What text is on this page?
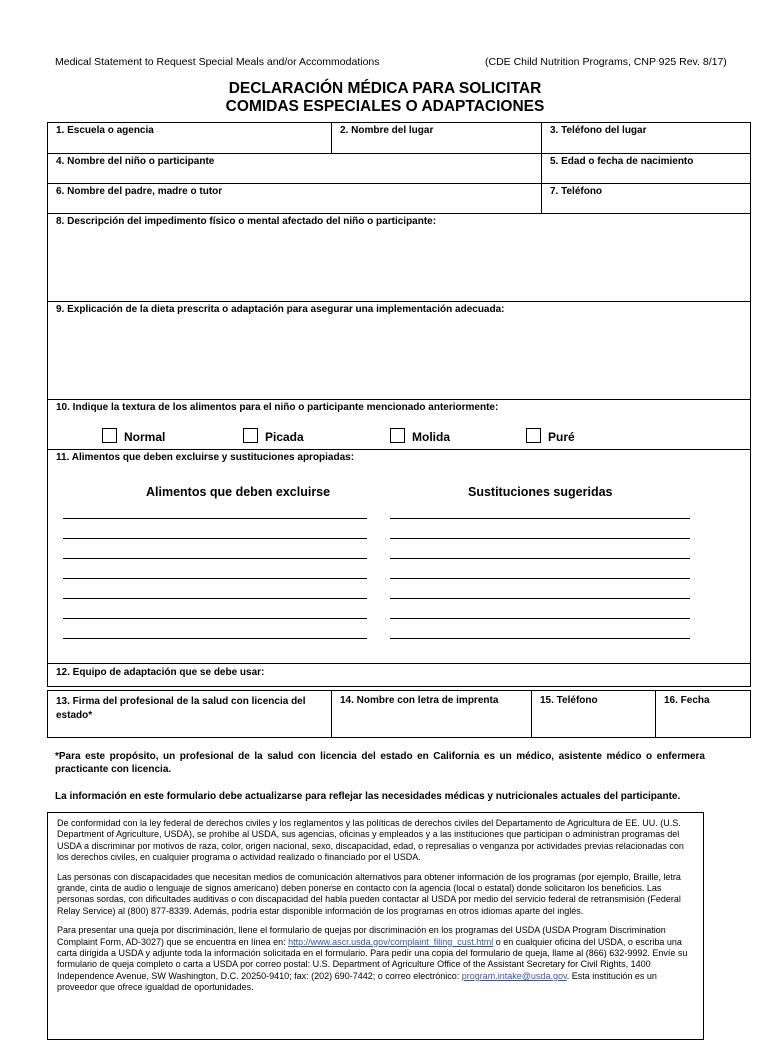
Medical Statement to Request Special Meals and/or Accommodations	(CDE Child Nutrition Programs, CNP 925 Rev. 8/17)
DECLARACIÓN MÉDICA PARA SOLICITAR
COMIDAS ESPECIALES O ADAPTACIONES
1. Escuela o agencia	2. Nombre del lugar	3. Teléfono del lugar
4. Nombre del niño o participante	5. Edad o fecha de nacimiento
6. Nombre del padre, madre o tutor	7. Teléfono
8. Descripción del impedimento físico o mental afectado del niño o participante:
9. Explicación de la dieta prescrita o adaptación para asegurar una implementación adecuada:
10. Indique la textura de los alimentos para el niño o participante mencionado anteriormente:
Normal	Picada	Molida	Puré
11. Alimentos que deben excluirse y sustituciones apropiadas:
Alimentos que deben excluirse	Sustituciones sugeridas
12. Equipo de adaptación que se debe usar:
13. Firma del profesional de la salud con licencia del
estado*
14. Nombre con letra de imprenta	15. Teléfono	16. Fecha
*Para este propósito, un profesional de la salud con licencia del estado en California es un médico, asistente médico o enfermera practicante con licencia.
La información en este formulario debe actualizarse para reflejar las necesidades médicas y nutricionales actuales del participante.

De conformidad con la ley federal de derechos civiles y los reglamentos y las políticas de derechos civiles del Departamento de Agricultura de EE. UU. (U.S. Department of Agriculture, USDA), se prohíbe al USDA, sus agencias, oficinas y empleados y a las instituciones que participan o administran programas del USDA a discriminar por motivos de raza, color, origen nacional, sexo, discapacidad, edad, o represalias o venganza por actividades previas relacionadas con los derechos civiles, en cualquier programa o actividad realizado o financiado por el USDA.

Las personas con discapacidades que necesitan medios de comunicación alternativos para obtener información de los programas (por ejemplo, Braille, letra grande, cinta de audio o lenguaje de signos americano) deben ponerse en contacto con la agencia (local o estatal) donde solicitaron los beneficios. Las personas sordas, con dificultades auditivas o con discapacidad del habla pueden contactar al USDA por medio del servicio federal de retransmisión (Federal Relay Service) al (800) 877-8339. Además, podría estar disponible información de los programas en otros idiomas aparte del inglés.

Para presentar una queja por discriminación, llene el formulario de quejas por discriminación en los programas del USDA (USDA Program Discrimination Complaint Form, AD-3027) que se encuentra en línea en: http://www.ascr.usda.gov/complaint_filing_cust.html o en cualquier oficina del USDA, o escriba una carta dirigida a USDA y adjunte toda la información solicitada en el formulario. Para pedir una copia del formulario de queja, llame al (866) 632-9992. Envíe su formulario de queja completo o carta a USDA por correo postal: U.S. Department of Agriculture Office of the Assistant Secretary for Civil Rights, 1400 Independence Avenue, SW Washington, D.C. 20250-9410; fax: (202) 690-7442; o correo electrónico: program.intake@usda.gov. Esta institución es un proveedor que ofrece igualdad de oportunidades.
